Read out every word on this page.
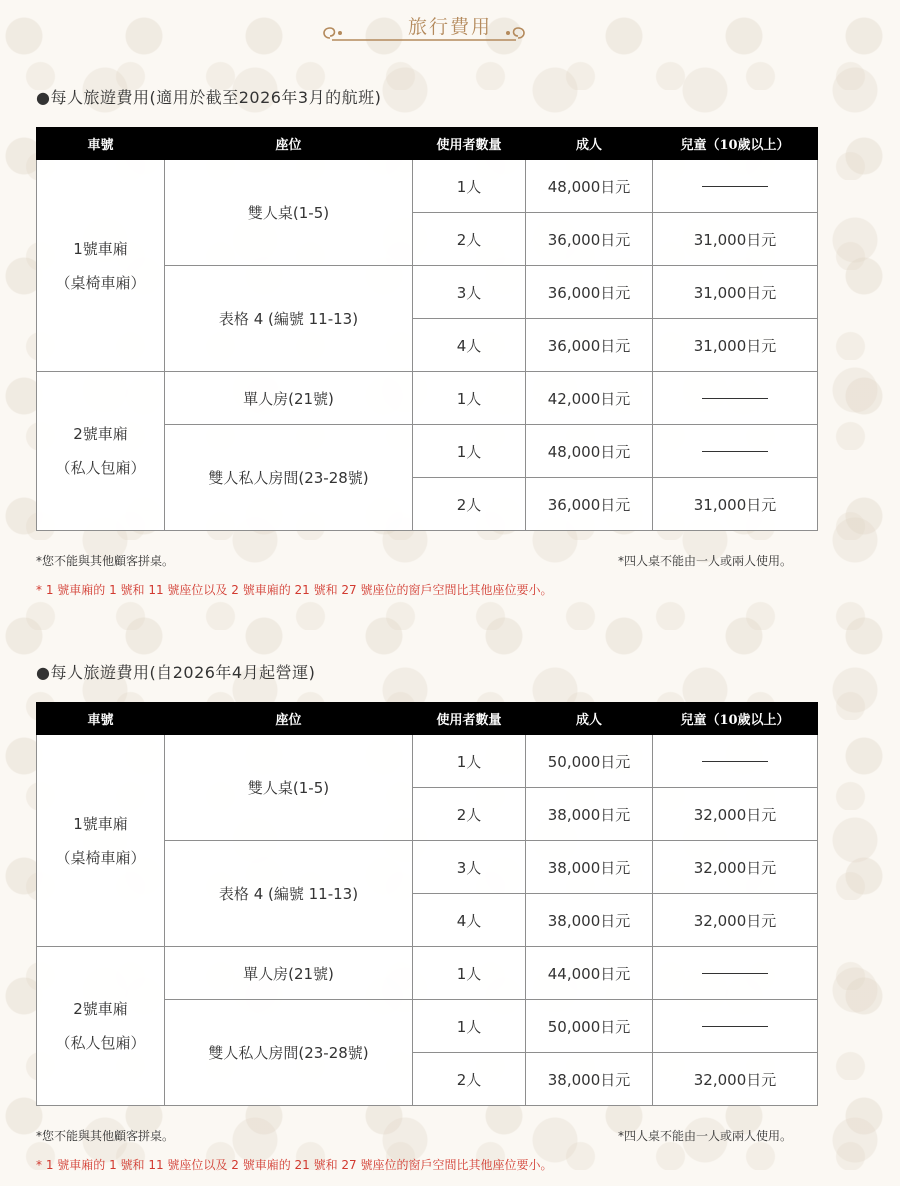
旅行費用
●每人旅遊費用(適用於截至2026年3月的航班)
車號	座位	使用者數量	成人	兒童（10歲以上）

1號車廂
（桌椅車廂）	雙人桌(1-5)	1人	48,000日元	
		2人	36,000日元	31,000日元
	表格 4 (編號 11-13)	3人	36,000日元	31,000日元
		4人	36,000日元	31,000日元

2號車廂
（私人包廂）	單人房(21號)	1人	42,000日元	
	雙人私人房間(23-28號)	1人	48,000日元	
		2人	36,000日元	31,000日元
*您不能與其他顧客拼桌。	*四人桌不能由一人或兩人使用。
* 1 號車廂的 1 號和 11 號座位以及 2 號車廂的 21 號和 27 號座位的窗戶空間比其他座位要小。
●每人旅遊費用(自2026年4月起營運)
車號	座位	使用者數量	成人	兒童（10歲以上）

1號車廂
（桌椅車廂）	雙人桌(1-5)	1人	50,000日元	
		2人	38,000日元	32,000日元
	表格 4 (編號 11-13)	3人	38,000日元	32,000日元
		4人	38,000日元	32,000日元

2號車廂
（私人包廂）	單人房(21號)	1人	44,000日元	
	雙人私人房間(23-28號)	1人	50,000日元	
		2人	38,000日元	32,000日元
*您不能與其他顧客拼桌。	*四人桌不能由一人或兩人使用。
* 1 號車廂的 1 號和 11 號座位以及 2 號車廂的 21 號和 27 號座位的窗戶空間比其他座位要小。
